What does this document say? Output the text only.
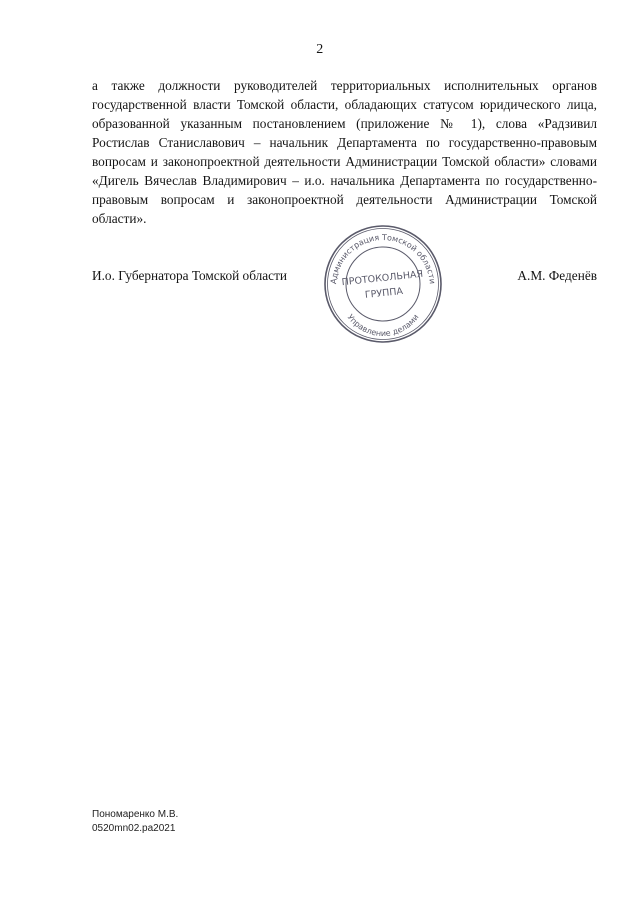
2
а также должности руководителей территориальных исполнительных органов государственной власти Томской области, обладающих статусом юридического лица, образованной указанным постановлением (приложение № 1), слова «Радзивил Ростислав Станиславович – начальник Департамента по государственно-правовым вопросам и законопроектной деятельности Администрации Томской области» словами «Дигель Вячеслав Владимирович – и.о. начальника Департамента по государственно-правовым вопросам и законопроектной деятельности Администрации Томской области».
И.о. Губернатора Томской области	А.М. Феденёв
Администрация Томской области
Управление делами
ПРОТОКОЛЬНАЯ
ГРУППА
Пономаренко М.В.
0520mn02.ра2021
